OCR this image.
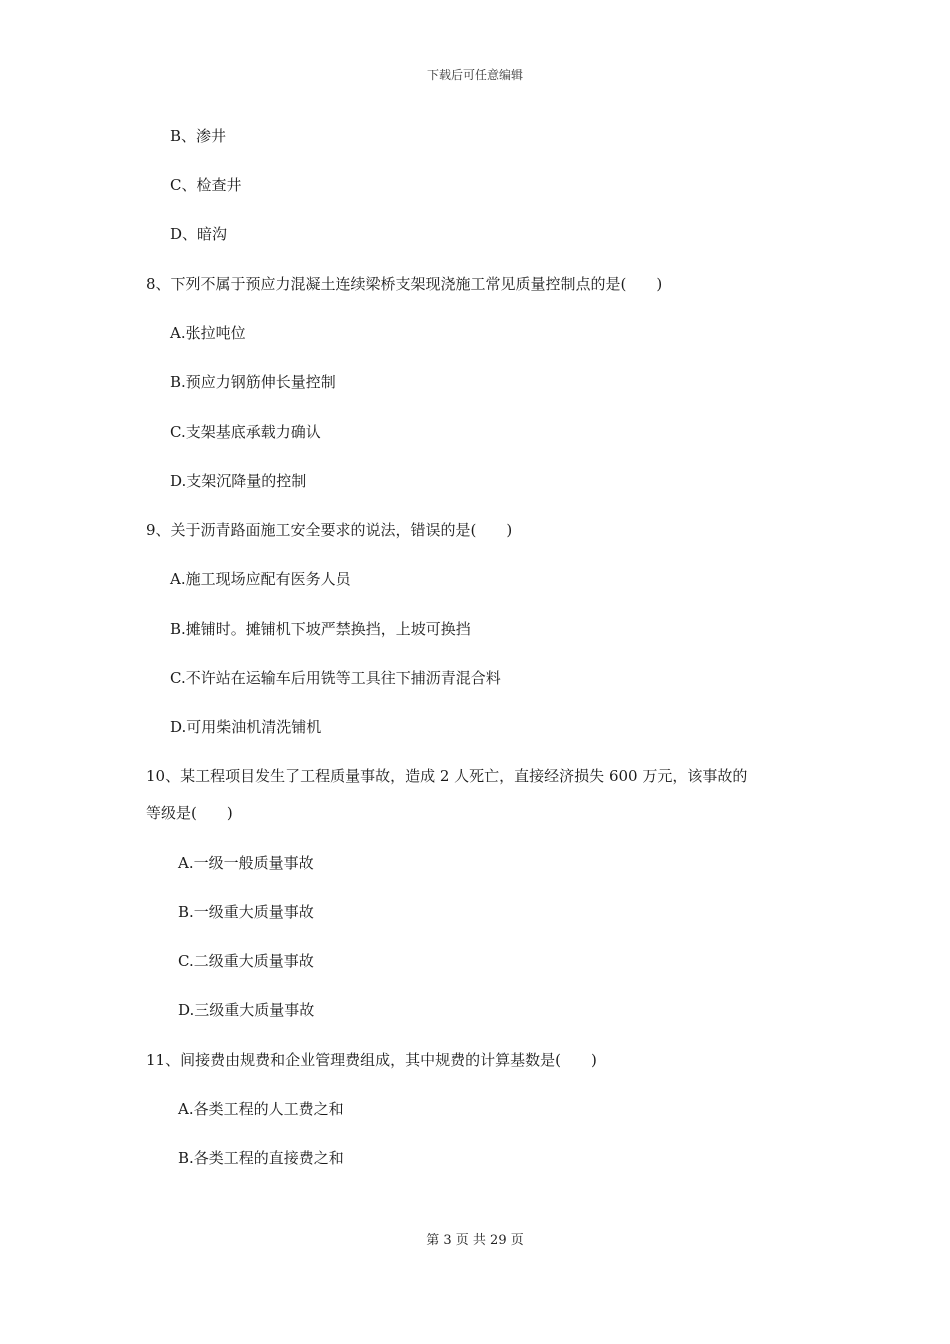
下载后可任意编辑
B、渗井
C、检查井
D、暗沟
8、下列不属于预应力混凝土连续梁桥支架现浇施工常见质量控制点的是(　　)
A.张拉吨位
B.预应力钢筋伸长量控制
C.支架基底承载力确认
D.支架沉降量的控制
9、关于沥青路面施工安全要求的说法，错误的是(　　)
A.施工现场应配有医务人员
B.摊铺时。摊铺机下坡严禁换挡，上坡可换挡
C.不许站在运输车后用铣等工具往下捕沥青混合料
D.可用柴油机清洗铺机
10、某工程项目发生了工程质量事故，造成 2 人死亡，直接经济损失 600 万元，该事故的
等级是(　　)
A.一级一般质量事故
B.一级重大质量事故
C.二级重大质量事故
D.三级重大质量事故
11、间接费由规费和企业管理费组成，其中规费的计算基数是(　　)
A.各类工程的人工费之和
B.各类工程的直接费之和
第 3 页 共 29 页
